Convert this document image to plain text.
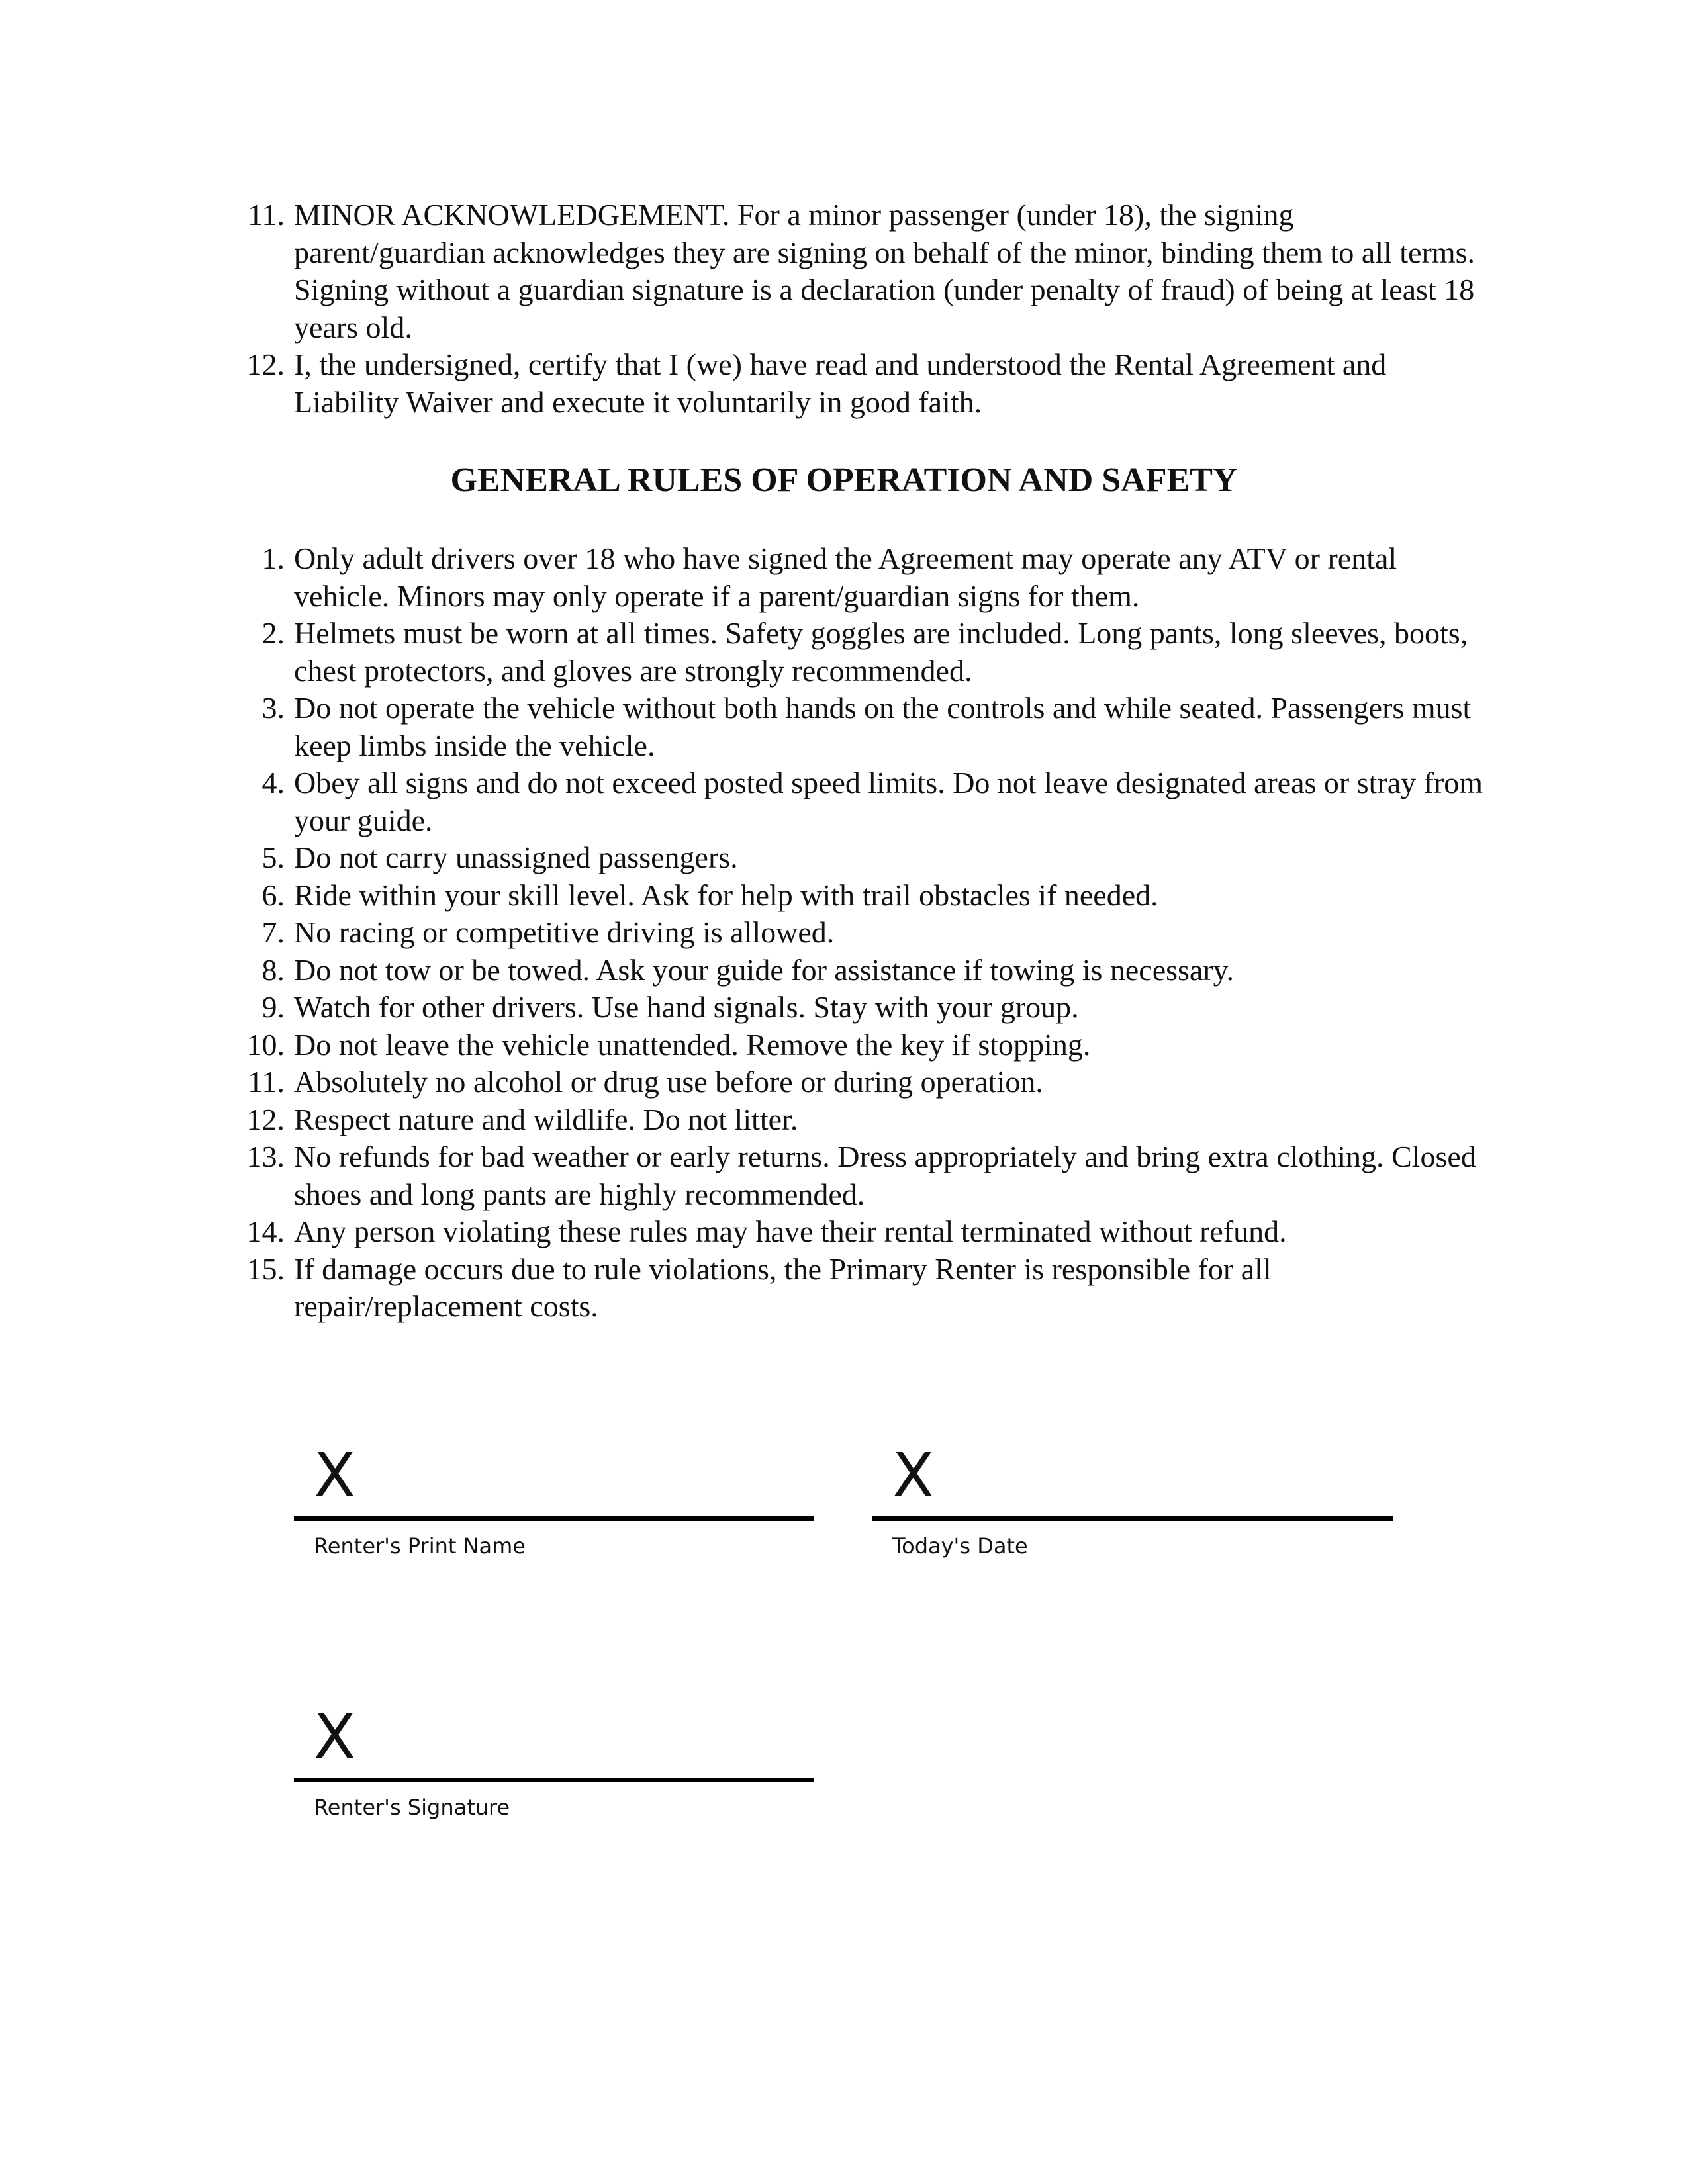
11. MINOR ACKNOWLEDGEMENT. For a minor passenger (under 18), the signing parent/guardian acknowledges they are signing on behalf of the minor, binding them to all terms. Signing without a guardian signature is a declaration (under penalty of fraud) of being at least 18 years old.
12. I, the undersigned, certify that I (we) have read and understood the Rental Agreement and Liability Waiver and execute it voluntarily in good faith.
GENERAL RULES OF OPERATION AND SAFETY
1. Only adult drivers over 18 who have signed the Agreement may operate any ATV or rental vehicle. Minors may only operate if a parent/guardian signs for them.
2. Helmets must be worn at all times. Safety goggles are included. Long pants, long sleeves, boots, chest protectors, and gloves are strongly recommended.
3. Do not operate the vehicle without both hands on the controls and while seated. Passengers must keep limbs inside the vehicle.
4. Obey all signs and do not exceed posted speed limits. Do not leave designated areas or stray from your guide.
5. Do not carry unassigned passengers.
6. Ride within your skill level. Ask for help with trail obstacles if needed.
7. No racing or competitive driving is allowed.
8. Do not tow or be towed. Ask your guide for assistance if towing is necessary.
9. Watch for other drivers. Use hand signals. Stay with your group.
10. Do not leave the vehicle unattended. Remove the key if stopping.
11. Absolutely no alcohol or drug use before or during operation.
12. Respect nature and wildlife. Do not litter.
13. No refunds for bad weather or early returns. Dress appropriately and bring extra clothing. Closed shoes and long pants are highly recommended.
14. Any person violating these rules may have their rental terminated without refund.
15. If damage occurs due to rule violations, the Primary Renter is responsible for all repair/replacement costs.
X
Renter's Print Name
X
Today's Date
X
Renter's Signature
